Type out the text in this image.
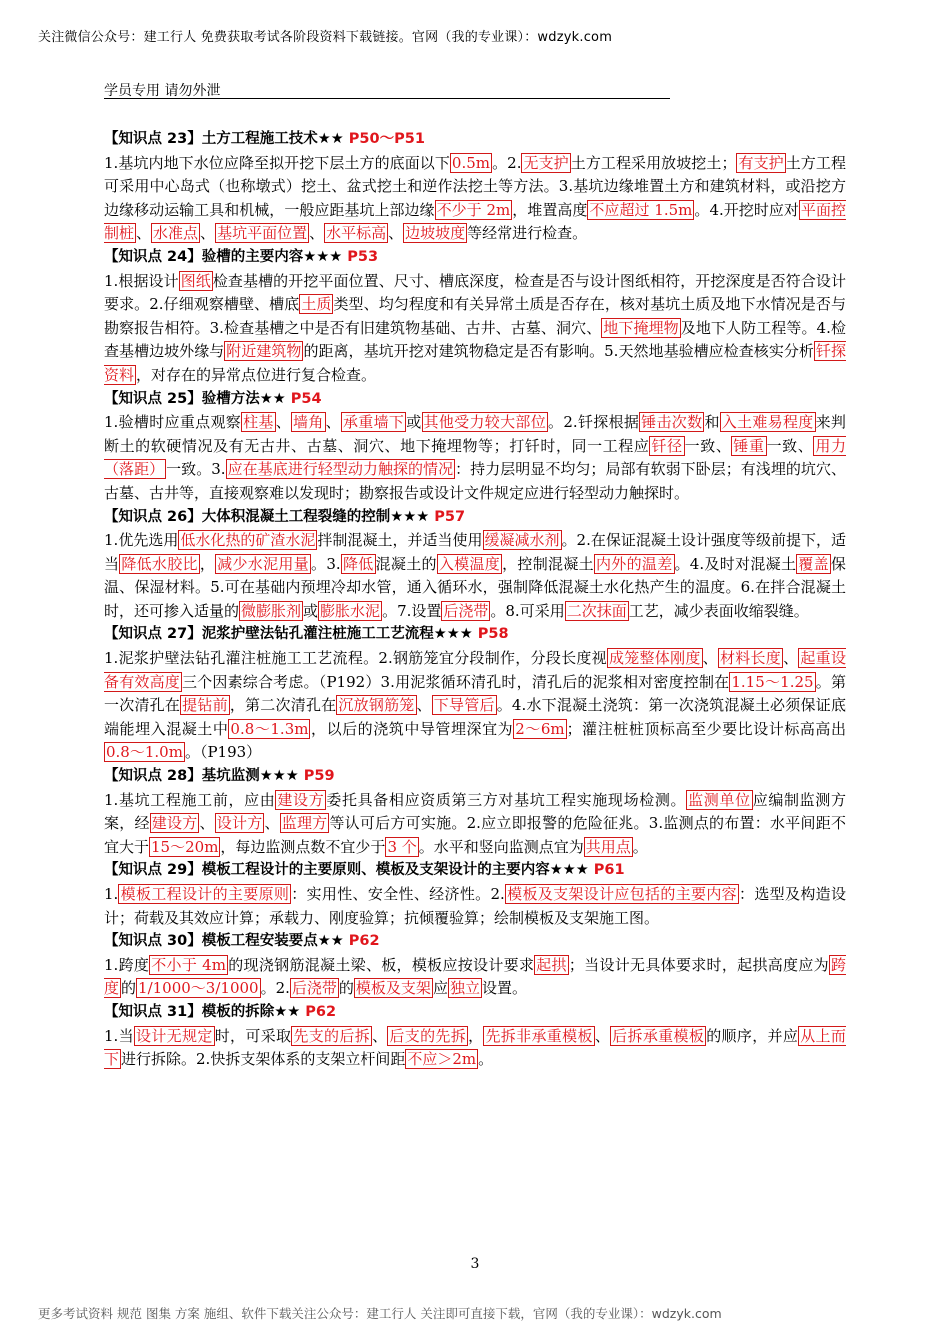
关注微信公众号：建工行人 免费获取考试各阶段资料下载链接。官网（我的专业课）：wdzyk.com
学员专用 请勿外泄
【知识点 23】土方工程施工技术★★ P50～P51

1.基坑内地下水位应降至拟开挖下层土方的底面以下 0.5m 。2. 无支护 土方工程采用放坡挖土； 有支护 土方工程可采用中心岛式（也称墩式）挖土、盆式挖土和逆作法挖土等方法。3.基坑边缘堆置土方和建筑材料，或沿挖方边缘移动运输工具和机械，一般应距基坑上部边缘 不少于 2m ，堆置高度 不应超过 1.5m 。4.开挖时应对 平面控制桩 、 水准点 、 基坑平面位置 、 水平标高 、 边坡坡度 等经常进行检查。

【知识点 24】验槽的主要内容★★★ P53

1.根据设计 图纸 检查基槽的开挖平面位置、尺寸、槽底深度，检查是否与设计图纸相符，开挖深度是否符合设计要求。2.仔细观察槽壁、槽底 土质 类型、均匀程度和有关异常土质是否存在，核对基坑土质及地下水情况是否与勘察报告相符。3.检查基槽之中是否有旧建筑物基础、古井、古墓、洞穴、 地下掩埋物 及地下人防工程等。4.检查基槽边坡外缘与 附近建筑物 的距离，基坑开挖对建筑物稳定是否有影响。5.天然地基验槽应检查核实分析 钎探资料 ，对存在的异常点位进行复合检查。

【知识点 25】验槽方法★★ P54

1.验槽时应重点观察 柱基 、 墙角 、 承重墙下 或 其他受力较大部位 。2.钎探根据 锤击次数 和 入土难易程度 来判断土的软硬情况及有无古井、古墓、洞穴、地下掩埋物等；打钎时，同一工程应 钎径 一致、 锤重 一致、 用力（落距） 一致。3. 应在基底进行轻型动力触探的情况 ：持力层明显不均匀；局部有软弱下卧层；有浅埋的坑穴、古墓、古井等，直接观察难以发现时；勘察报告或设计文件规定应进行轻型动力触探时。

【知识点 26】大体积混凝土工程裂缝的控制★★★ P57

1.优先选用 低水化热的矿渣水泥 拌制混凝土，并适当使用 缓凝减水剂 。2.在保证混凝土设计强度等级前提下，适当 降低水胶比 ， 减少水泥用量 。3. 降低 混凝土的 入模温度 ，控制混凝土 内外的温差 。4.及时对混凝土 覆盖 保温、保湿材料。5.可在基础内预埋冷却水管，通入循环水，强制降低混凝土水化热产生的温度。6.在拌合混凝土时，还可掺入适量的 微膨胀剂 或 膨胀水泥 。7.设置 后浇带 。8.可采用 二次抹面 工艺，减少表面收缩裂缝。

【知识点 27】泥浆护壁法钻孔灌注桩施工工艺流程★★★ P58

1.泥浆护壁法钻孔灌注桩施工工艺流程。2.钢筋笼宜分段制作，分段长度视 成笼整体刚度 、 材料长度 、 起重设备有效高度 三个因素综合考虑。（P192）3.用泥浆循环清孔时，清孔后的泥浆相对密度控制在 1.15～1.25 。第一次清孔在 提钻前 ，第二次清孔在 沉放钢筋笼 、 下导管后 。4.水下混凝土浇筑：第一次浇筑混凝土必须保证底端能埋入混凝土中 0.8～1.3m ，以后的浇筑中导管埋深宜为 2～6m ；灌注桩桩顶标高至少要比设计标高高出0.8～1.0m 。（P193）

【知识点 28】基坑监测★★★ P59

1.基坑工程施工前，应由 建设方 委托具备相应资质第三方对基坑工程实施现场检测。 监测单位 应编制监测方案，经 建设方 、 设计方 、 监理方 等认可后方可实施。2.应立即报警的危险征兆。3.监测点的布置：水平间距不宜大于 15～20m ，每边监测点数不宜少于 3 个 。水平和竖向监测点宜为 共用点 。

【知识点 29】模板工程设计的主要原则、模板及支架设计的主要内容★★★ P61

1. 模板工程设计的主要原则 ：实用性、安全性、经济性。2. 模板及支架设计应包括的主要内容 ：选型及构造设计；荷载及其效应计算；承载力、刚度验算；抗倾覆验算；绘制模板及支架施工图。

【知识点 30】模板工程安装要点★★ P62

1.跨度 不小于 4m 的现浇钢筋混凝土梁、板，模板应按设计要求 起拱 ；当设计无具体要求时，起拱高度应为 跨度 的 1/1000～3/1000 。2. 后浇带 的 模板及支架 应 独立 设置。

【知识点 31】模板的拆除★★ P62

1.当 设计无规定 时，可采取 先支的后拆 、 后支的先拆 ， 先拆非承重模板 、 后拆承重模板 的顺序，并应 从上而下 进行拆除。2.快拆支架体系的支架立杆间距 不应＞2m 。

3
更多考试资料 规范 图集 方案 施组、软件下载关注公众号：建工行人 关注即可直接下载，官网（我的专业课）：wdzyk.com
